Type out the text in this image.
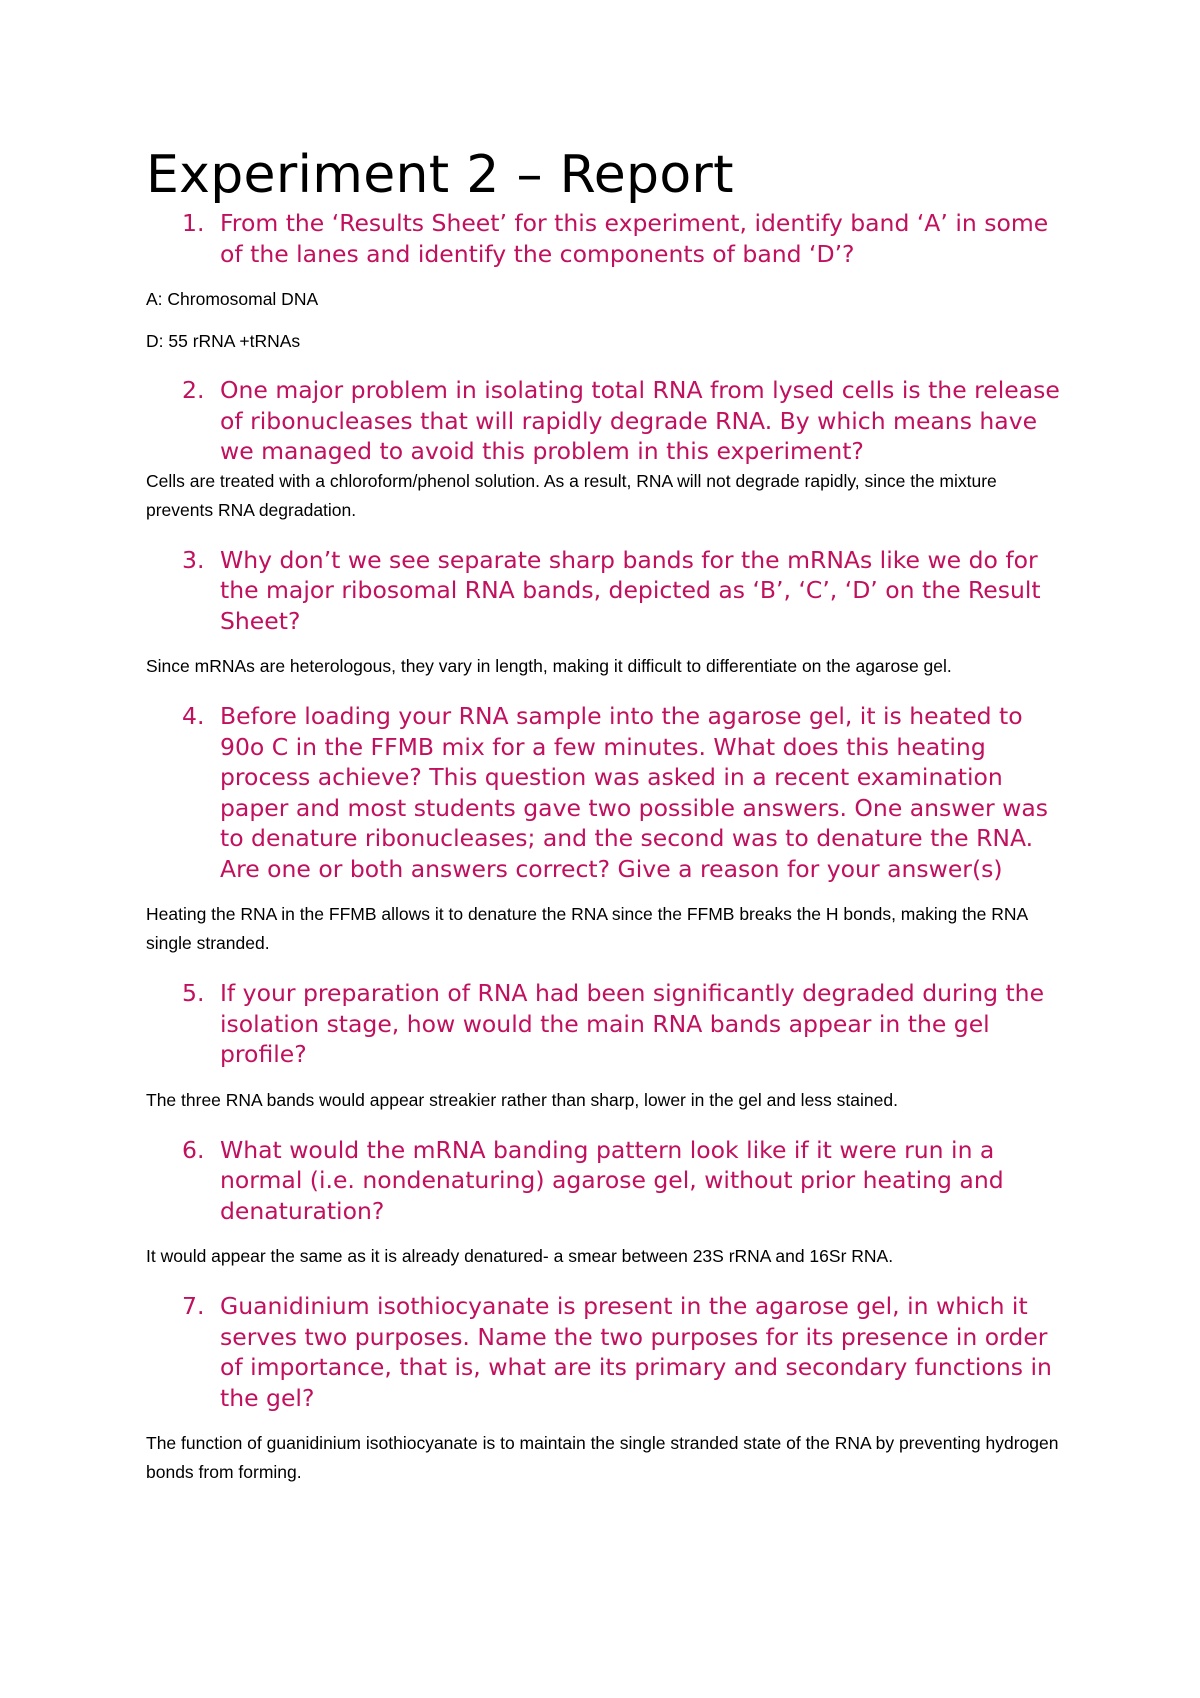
Experiment 2 – Report
1. From the ‘Results Sheet’ for this experiment, identify band ‘A’ in some of the lanes and identify the components of band ‘D’?

A: Chromosomal DNA

D: 55 rRNA +tRNAs

2. One major problem in isolating total RNA from lysed cells is the release of ribonucleases that will rapidly degrade RNA. By which means have we managed to avoid this problem in this experiment?

Cells are treated with a chloroform/phenol solution. As a result, RNA will not degrade rapidly, since the mixture prevents RNA degradation.

3. Why don’t we see separate sharp bands for the mRNAs like we do for the major ribosomal RNA bands, depicted as ‘B’, ‘C’, ‘D’ on the Result Sheet?

Since mRNAs are heterologous, they vary in length, making it difficult to differentiate on the agarose gel.

4. Before loading your RNA sample into the agarose gel, it is heated to 90o C in the FFMB mix for a few minutes. What does this heating process achieve? This question was asked in a recent examination paper and most students gave two possible answers. One answer was to denature ribonucleases; and the second was to denature the RNA. Are one or both answers correct? Give a reason for your answer(s)

Heating the RNA in the FFMB allows it to denature the RNA since the FFMB breaks the H bonds, making the RNA single stranded.

5. If your preparation of RNA had been significantly degraded during the isolation stage, how would the main RNA bands appear in the gel profile?

The three RNA bands would appear streakier rather than sharp, lower in the gel and less stained.

6. What would the mRNA banding pattern look like if it were run in a normal (i.e. nondenaturing) agarose gel, without prior heating and denaturation?

It would appear the same as it is already denatured- a smear between 23S rRNA and 16Sr RNA.

7. Guanidinium isothiocyanate is present in the agarose gel, in which it serves two purposes. Name the two purposes for its presence in order of importance, that is, what are its primary and secondary functions in the gel?

The function of guanidinium isothiocyanate is to maintain the single stranded state of the RNA by preventing hydrogen bonds from forming.
